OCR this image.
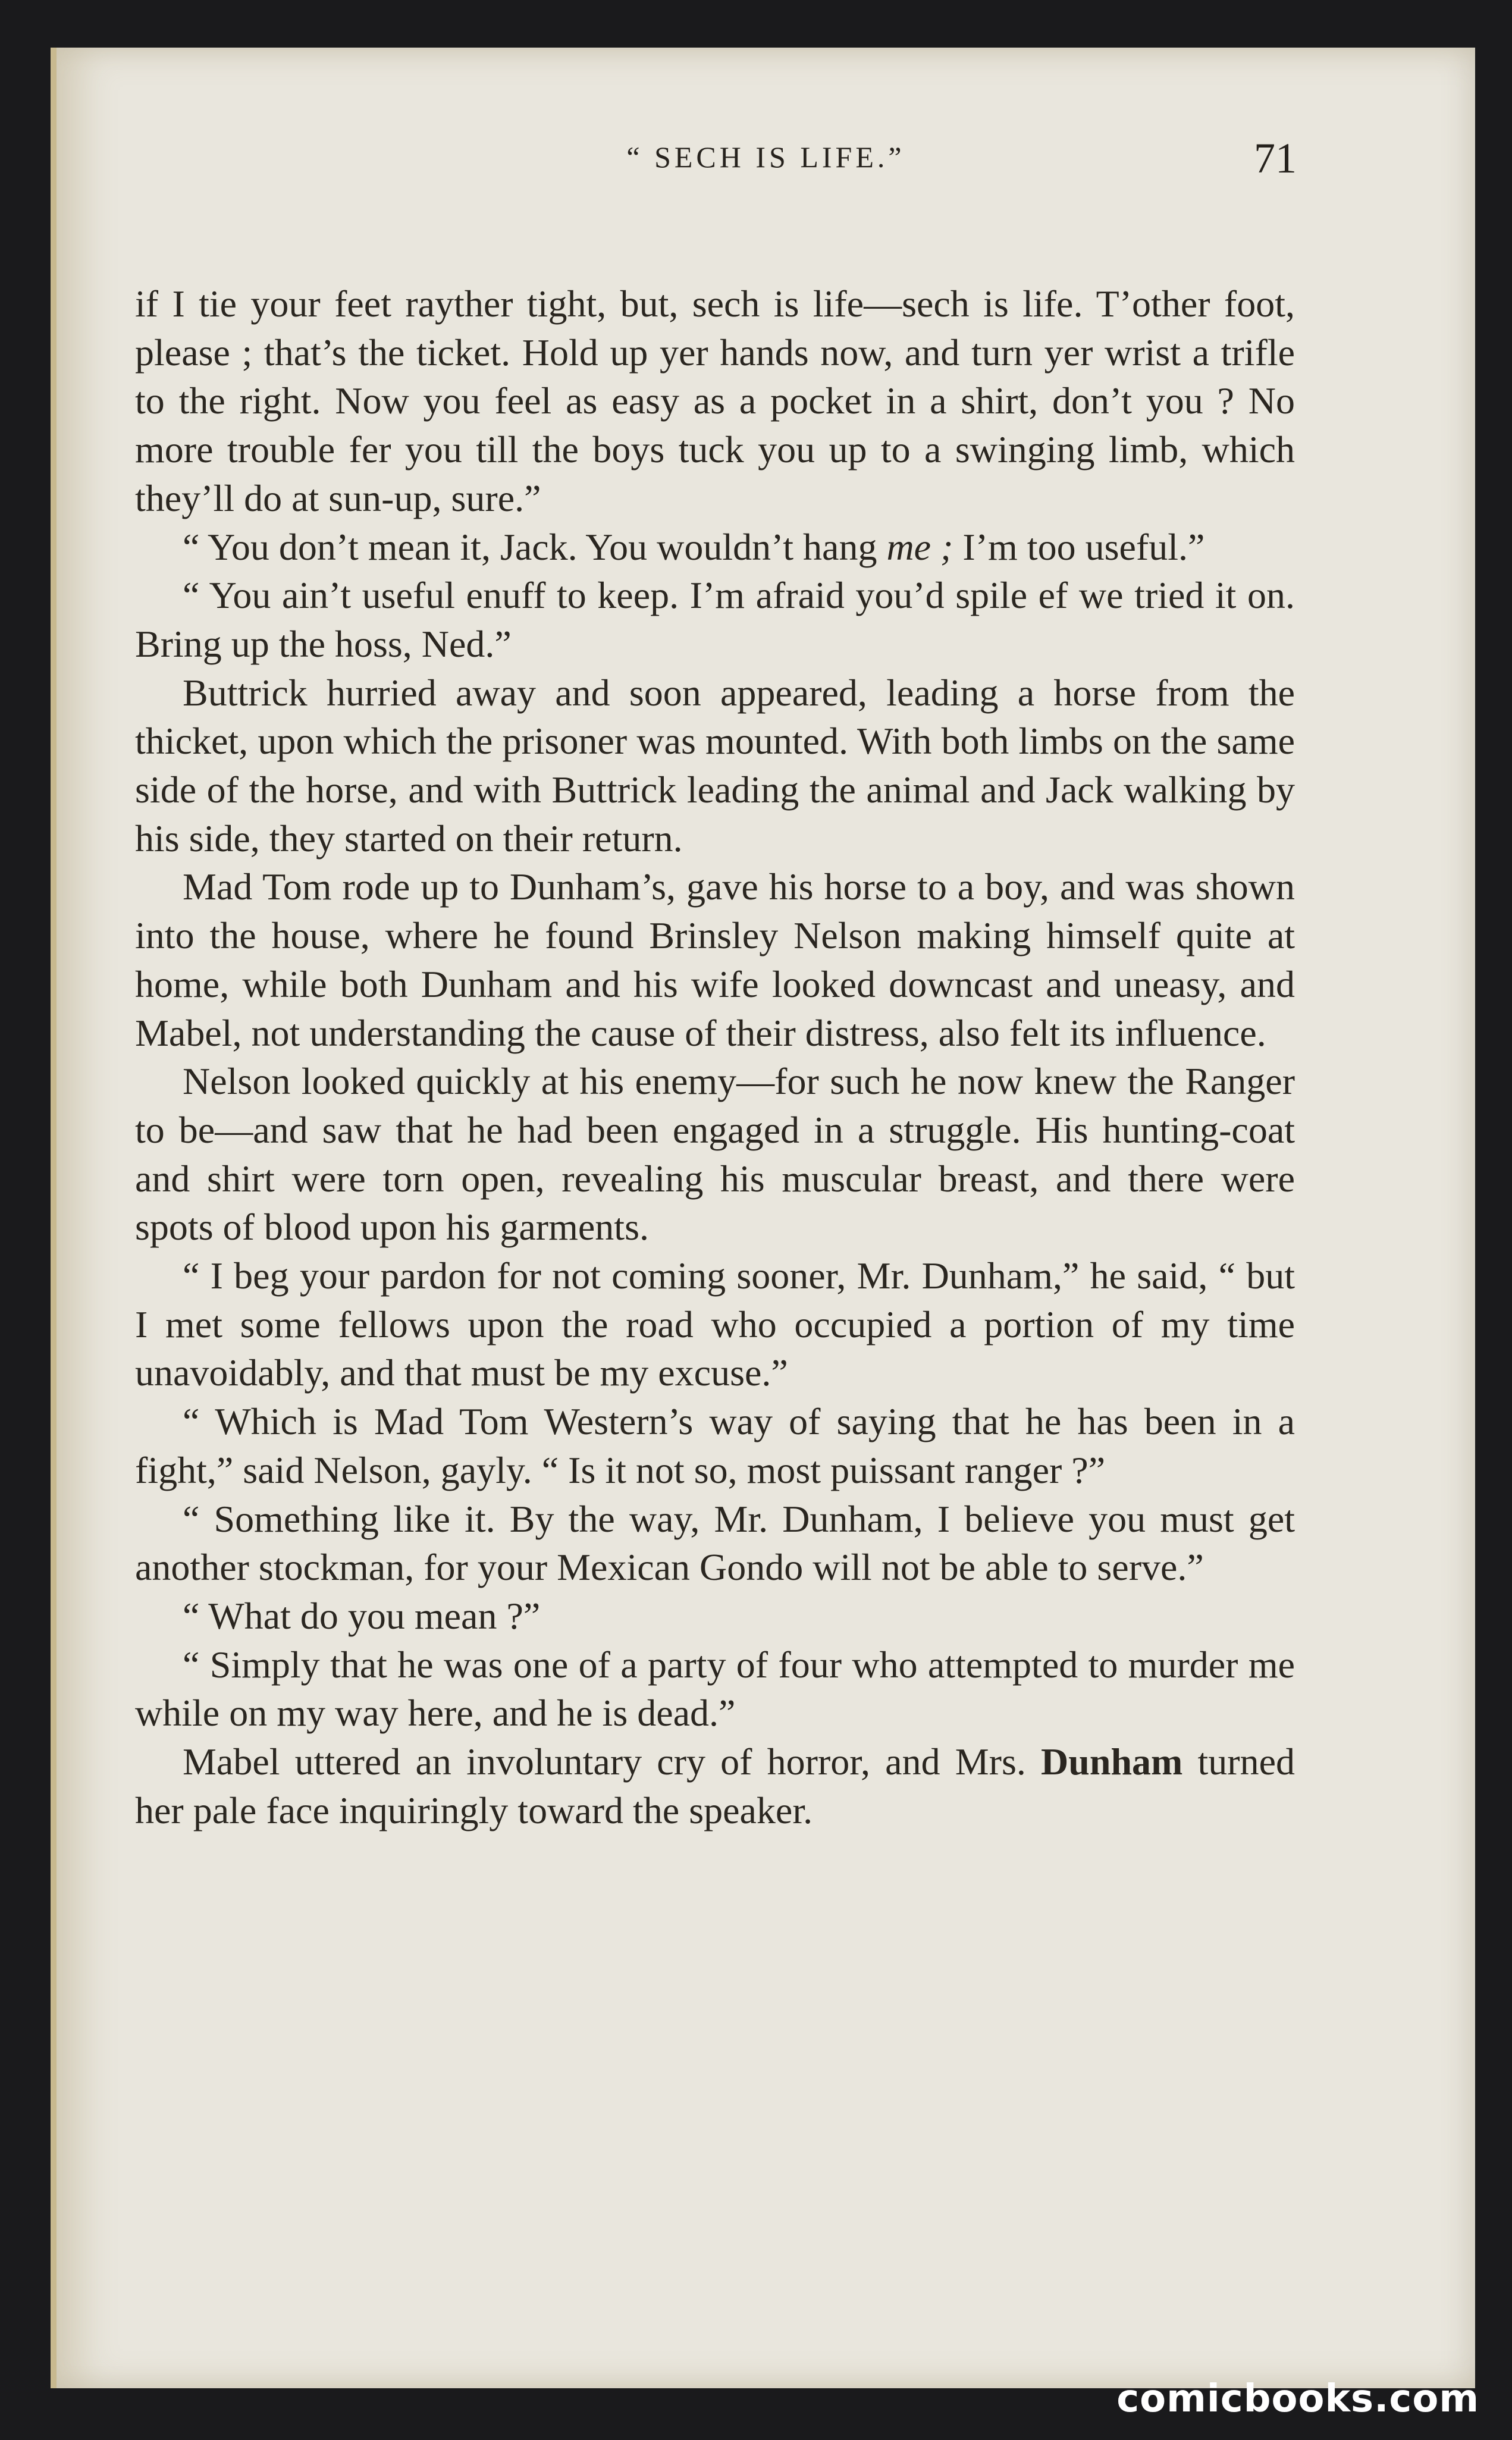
“ SECH IS LIFE.”	71

if I tie your feet rayther tight, but, sech is life—sech is life. T’other foot, please ; that’s the ticket. Hold up yer hands now, and turn yer wrist a trifle to the right. Now you feel as easy as a pocket in a shirt, don’t you ? No more trouble fer you till the boys tuck you up to a swinging limb, which they’ll do at sun-up, sure.”

“ You don’t mean it, Jack. You wouldn’t hang me ; I’m too useful.”

“ You ain’t useful enuff to keep. I’m afraid you’d spile ef we tried it on. Bring up the hoss, Ned.”

Buttrick hurried away and soon appeared, leading a horse from the thicket, upon which the prisoner was mounted. With both limbs on the same side of the horse, and with Buttrick leading the animal and Jack walking by his side, they started on their return.

Mad Tom rode up to Dunham’s, gave his horse to a boy, and was shown into the house, where he found Brinsley Nelson making himself quite at home, while both Dunham and his wife looked downcast and uneasy, and Mabel, not understanding the cause of their distress, also felt its influence.

Nelson looked quickly at his enemy—for such he now knew the Ranger to be—and saw that he had been engaged in a struggle. His hunting-coat and shirt were torn open, revealing his muscular breast, and there were spots of blood upon his garments.

“ I beg your pardon for not coming sooner, Mr. Dunham,” he said, “ but I met some fellows upon the road who occupied a portion of my time unavoidably, and that must be my excuse.”

“ Which is Mad Tom Western’s way of saying that he has been in a fight,” said Nelson, gayly. “ Is it not so, most puissant ranger ?”

“ Something like it. By the way, Mr. Dunham, I believe you must get another stockman, for your Mexican Gondo will not be able to serve.”

“ What do you mean ?”

“ Simply that he was one of a party of four who attempted to murder me while on my way here, and he is dead.”

Mabel uttered an involuntary cry of horror, and Mrs. Dunham turned her pale face inquiringly toward the speaker.

comicbooks.com
